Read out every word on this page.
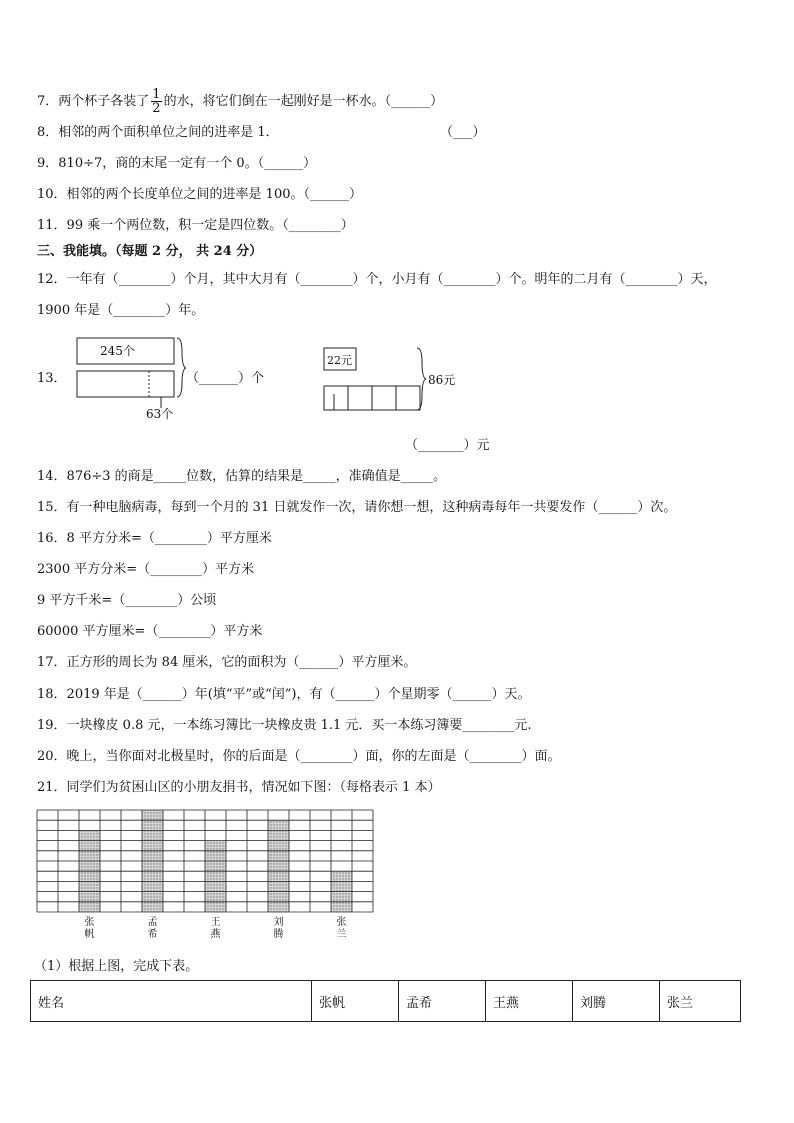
7．两个杯子各装了 $\frac{1}{2}$ 的水，将它们倒在一起刚好是一杯水。（______）
8．相邻的两个面积单位之间的进率是 1．	（___）
9．810÷7，商的末尾一定有一个 0。（______）
10．相邻的两个长度单位之间的进率是 100。（______）
11．99 乘一个两位数，积一定是四位数。（________）
三、我能填。（每题 2 分， 共 24 分）
12．一年有（________）个月，其中大月有（________）个，小月有（________）个。明年的二月有（________）天，
1900 年是（________）年。
13．
245个
63个
（______）个
22元
86元
（_______）元
14．876÷3 的商是_____位数，估算的结果是_____，准确值是_____。
15．有一种电脑病毒，每到一个月的 31 日就发作一次，请你想一想，这种病毒每年一共要发作（______）次。
16．8 平方分米=（________）平方厘米
2300 平方分米=（________）平方米
9 平方千米=（________）公顷
60000 平方厘米=（________）平方米
17．正方形的周长为 84 厘米，它的面积为（______）平方厘米。
18．2019 年是（______）年(填“平”或“闰”)，有（______）个星期零（______）天。
19．一块橡皮 0.8 元，一本练习簿比一块橡皮贵 1.1 元．买一本练习簿要________元.
20．晚上，当你面对北极星时，你的后面是（________）面，你的左面是（________）面。
21．同学们为贫困山区的小朋友捐书，情况如下图：（每格表示 1 本）
张
帆
孟
希
王
燕
刘
腾
张
兰
（1）根据上图，完成下表。
姓名	张帆	孟希	王燕	刘腾	张兰
